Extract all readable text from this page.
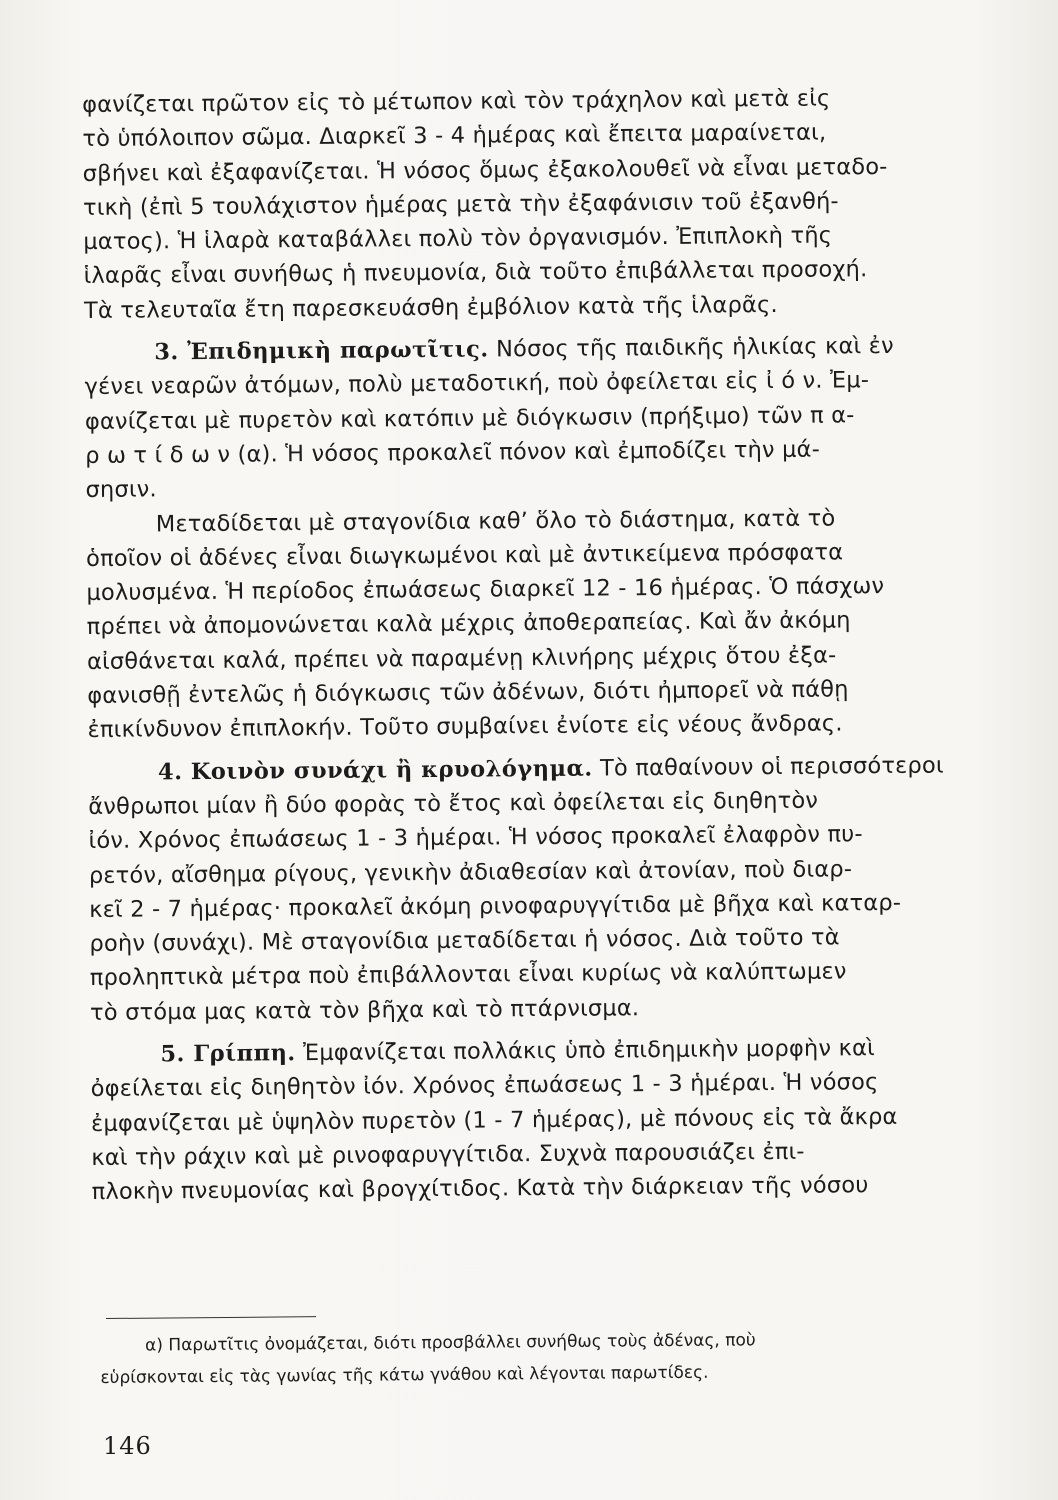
φανίζεται πρῶτον εἰς τὸ μέτωπον καὶ τὸν τράχηλον καὶ μετὰ εἰς
τὸ ὑπόλοιπον σῶμα. Διαρκεῖ 3 - 4 ἡμέρας καὶ ἔπειτα μαραίνεται,
σβήνει καὶ ἐξαφανίζεται. Ἡ νόσος ὅμως ἐξακολουθεῖ νὰ εἶναι μεταδο-
τικὴ (ἐπὶ 5 τουλάχιστον ἡμέρας μετὰ τὴν ἐξαφάνισιν τοῦ ἐξανθή-
ματος). Ἡ ἱλαρὰ καταβάλλει πολὺ τὸν ὀργανισμόν. Ἐπιπλοκὴ τῆς
ἱλαρᾶς εἶναι συνήθως ἡ πνευμονία, διὰ τοῦτο ἐπιβάλλεται προσοχή.
Τὰ τελευταῖα ἔτη παρεσκευάσθη ἐμβόλιον κατὰ τῆς ἱλαρᾶς.
3. Ἐπιδημικὴ παρωτῖτις. Νόσος τῆς παιδικῆς ἡλικίας καὶ ἐν
γένει νεαρῶν ἀτόμων, πολὺ μεταδοτική, ποὺ ὀφείλεται εἰς ἰ ό ν. Ἐμ-
φανίζεται μὲ πυρετὸν καὶ κατόπιν μὲ διόγκωσιν (πρήξιμο) τῶν π α-
ρ ω τ ί δ ω ν (α). Ἡ νόσος προκαλεῖ πόνον καὶ ἐμποδίζει τὴν μά-
σησιν.
Μεταδίδεται μὲ σταγονίδια καθ’ ὅλο τὸ διάστημα, κατὰ τὸ
ὁποῖον οἱ ἀδένες εἶναι διωγκωμένοι καὶ μὲ ἀντικείμενα πρόσφατα
μολυσμένα. Ἡ περίοδος ἐπωάσεως διαρκεῖ 12 - 16 ἡμέρας. Ὁ πάσχων
πρέπει νὰ ἀπομονώνεται καλὰ μέχρις ἀποθεραπείας. Καὶ ἄν ἀκόμη
αἰσθάνεται καλά, πρέπει νὰ παραμένῃ κλινήρης μέχρις ὅτου ἐξα-
φανισθῇ ἐντελῶς ἡ διόγκωσις τῶν ἀδένων, διότι ἠμπορεῖ νὰ πάθῃ
ἐπικίνδυνον ἐπιπλοκήν. Τοῦτο συμβαίνει ἐνίοτε εἰς νέους ἄνδρας.
4. Κοινὸν συνάχι ἢ κρυολόγημα. Τὸ παθαίνουν οἱ περισσότεροι
ἄνθρωποι μίαν ἢ δύο φορὰς τὸ ἔτος καὶ ὀφείλεται εἰς διηθητὸν
ἰόν. Χρόνος ἐπωάσεως 1 - 3 ἡμέραι. Ἡ νόσος προκαλεῖ ἐλαφρὸν πυ-
ρετόν, αἴσθημα ρίγους, γενικὴν ἀδιαθεσίαν καὶ ἀτονίαν, ποὺ διαρ-
κεῖ 2 - 7 ἡμέρας· προκαλεῖ ἀκόμη ρινοφαρυγγίτιδα μὲ βῆχα καὶ καταρ-
ροὴν (συνάχι). Μὲ σταγονίδια μεταδίδεται ἡ νόσος. Διὰ τοῦτο τὰ
προληπτικὰ μέτρα ποὺ ἐπιβάλλονται εἶναι κυρίως νὰ καλύπτωμεν
τὸ στόμα μας κατὰ τὸν βῆχα καὶ τὸ πτάρνισμα.
5. Γρίππη. Ἐμφανίζεται πολλάκις ὑπὸ ἐπιδημικὴν μορφὴν καὶ
ὀφείλεται εἰς διηθητὸν ἰόν. Χρόνος ἐπωάσεως 1 - 3 ἡμέραι. Ἡ νόσος
ἐμφανίζεται μὲ ὑψηλὸν πυρετὸν (1 - 7 ἡμέρας), μὲ πόνους εἰς τὰ ἄκρα
καὶ τὴν ράχιν καὶ μὲ ρινοφαρυγγίτιδα. Συχνὰ παρουσιάζει ἐπι-
πλοκὴν πνευμονίας καὶ βρογχίτιδος. Κατὰ τὴν διάρκειαν τῆς νόσου
α) Παρωτῖτις ὀνομάζεται, διότι προσβάλλει συνήθως τοὺς ἀδένας, ποὺ
εὑρίσκονται εἰς τὰς γωνίας τῆς κάτω γνάθου καὶ λέγονται παρωτίδες.
146
